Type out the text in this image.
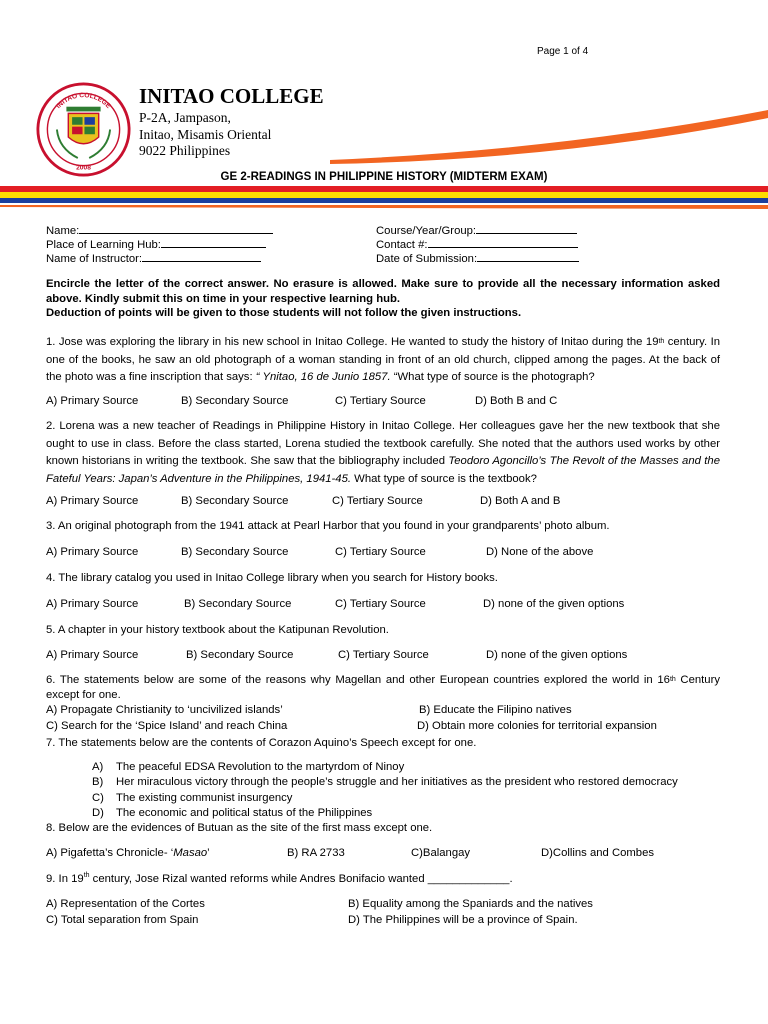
Page 1 of 4
INITAO COLLEGE
2008
INITAO COLLEGE
P-2A, Jampason,
Initao, Misamis Oriental
9022 Philippines
GE 2-READINGS IN PHILIPPINE HISTORY (MIDTERM EXAM)
Name:
Place of Learning Hub:
Name of Instructor:
Course/Year/Group:
Contact #:
Date of Submission:
Encircle the letter of the correct answer. No erasure is allowed. Make sure to provide all the necessary information asked above. Kindly submit this on time in your respective learning hub.
Deduction of points will be given to those students will not follow the given instructions.
1. Jose was exploring the library in his new school in Initao College. He wanted to study the history of Initao during the 19th century. In one of the books, he saw an old photograph of a woman standing in front of an old church, clipped among the pages. At the back of the photo was a fine inscription that says: “ Ynitao, 16 de Junio 1857. “What type of source is the photograph?
A) Primary Source	B) Secondary Source	C) Tertiary Source	D) Both B and C
2. Lorena was a new teacher of Readings in Philippine History in Initao College. Her colleagues gave her the new textbook that she ought to use in class. Before the class started, Lorena studied the textbook carefully. She noted that the authors used works by other known historians in writing the textbook. She saw that the bibliography included Teodoro Agoncillo’s The Revolt of the Masses and the Fateful Years: Japan’s Adventure in the Philippines, 1941-45. What type of source is the textbook?
A) Primary Source	B) Secondary Source	C) Tertiary Source	D) Both A and B
3. An original photograph from the 1941 attack at Pearl Harbor that you found in your grandparents’ photo album.
A) Primary Source	B) Secondary Source	C) Tertiary Source	D) None of the above
4. The library catalog you used in Initao College library when you search for History books.
A) Primary Source	B) Secondary Source	C) Tertiary Source	D) none of the given options
5. A chapter in your history textbook about the Katipunan Revolution.
A) Primary Source	B) Secondary Source	C) Tertiary Source	D) none of the given options
6. The statements below are some of the reasons why Magellan and other European countries explored the world in 16th Century except for one.
A) Propagate Christianity to ‘uncivilized islands’	B) Educate the Filipino natives
C) Search for the ‘Spice Island’ and reach China	D) Obtain more colonies for territorial expansion
7. The statements below are the contents of Corazon Aquino’s Speech except for one.
A) The peaceful EDSA Revolution to the martyrdom of Ninoy
B) Her miraculous victory through the people’s struggle and her initiatives as the president who restored democracy
C) The existing communist insurgency
D) The economic and political status of the Philippines
8. Below are the evidences of Butuan as the site of the first mass except one.
A) Pigafetta’s Chronicle- ‘Masao’	B) RA 2733	C)Balangay	D)Collins and Combes
9. In 19th century, Jose Rizal wanted reforms while Andres Bonifacio wanted _____________.
A) Representation of the Cortes	B) Equality among the Spaniards and the natives
C) Total separation from Spain	D) The Philippines will be a province of Spain.
